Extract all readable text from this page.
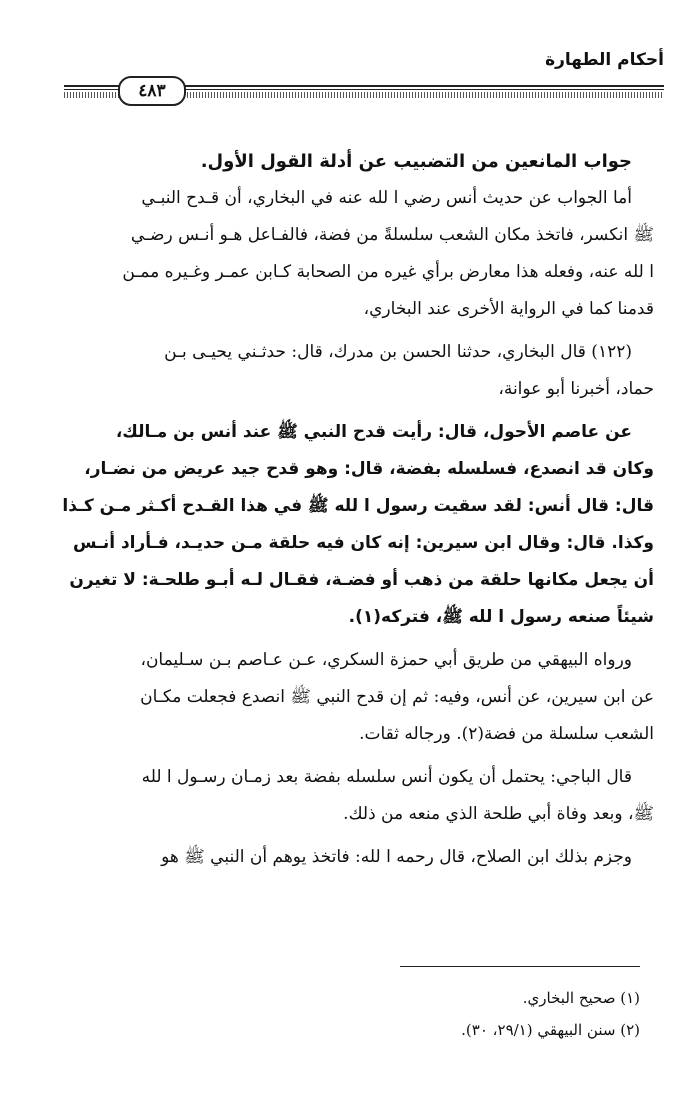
أحكام الطهارة
٤٨٣
جواب المانعين من التضبيب عن أدلة القول الأول.
أما الجواب عن حديث أنس رضي ا لله عنه في البخاري، أن قـدح النبـي
ﷺ انكسر، فاتخذ مكان الشعب سلسلةً من فضة، فالفـاعل هـو أنـس رضـي
ا لله عنه، وفعله هذا معارض برأي غيره من الصحابة كـابن عمـر وغـيره ممـن
قدمنا كما في الرواية الأخرى عند البخاري،
(١٢٢) قال البخاري، حدثنا الحسن بن مدرك، قال: حدثـني يحيـى بـن
حماد، أخبرنا أبو عوانة،
عن عاصم الأحول، قال: رأيت قدح النبي ﷺ عند أنس بن مـالك،
وكان قد انصدع، فسلسله بفضة، قال: وهو قدح جيد عريض من نضـار،
قال: قال أنس: لقد سقيت رسول ا لله ﷺ في هذا القـدح أكـثر مـن كـذا
وكذا. قال: وقال ابن سيرين: إنه كان فيه حلقة مـن حديـد، فـأراد أنـس
أن يجعل مكانها حلقة من ذهب أو فضـة، فقـال لـه أبـو طلحـة: لا تغيرن
شيئاً صنعه رسول ا لله ﷺ، فتركه(١).
ورواه البيهقي من طريق أبي حمزة السكري، عـن عـاصم بـن سـليمان،
عن ابن سيرين، عن أنس، وفيه: ثم إن قدح النبي ﷺ انصدع فجعلت مكـان
الشعب سلسلة من فضة(٢). ورجاله ثقات.
قال الباجي: يحتمل أن يكون أنس سلسله بفضة بعد زمـان رسـول ا لله
ﷺ، وبعد وفاة أبي طلحة الذي منعه من ذلك.
وجزم بذلك ابن الصلاح، قال رحمه ا لله: فاتخذ يوهم أن النبي ﷺ هو
(١) صحيح البخاري.
(٢) سنن البيهقي (٢٩/١، ٣٠).
